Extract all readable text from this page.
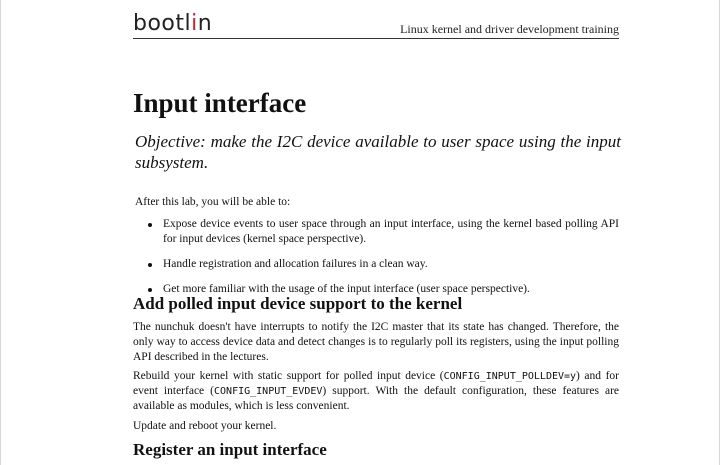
bootlin	Linux kernel and driver development training
Input interface

Objective: make the I2C device available to user space using the input subsystem.

After this lab, you will be able to:

Expose device events to user space through an input interface, using the kernel based polling API for input devices (kernel space perspective).
Handle registration and allocation failures in a clean way.
Get more familiar with the usage of the input interface (user space perspective).
Add polled input device support to the kernel

The nunchuk doesn't have interrupts to notify the I2C master that its state has changed. Therefore, the only way to access device data and detect changes is to regularly poll its registers, using the input polling API described in the lectures.

Rebuild your kernel with static support for polled input device (CONFIG_INPUT_POLLDEV=y) and for event interface (CONFIG_INPUT_EVDEV) support. With the default configuration, these features are available as modules, which is less convenient.

Update and reboot your kernel.

Register an input interface
